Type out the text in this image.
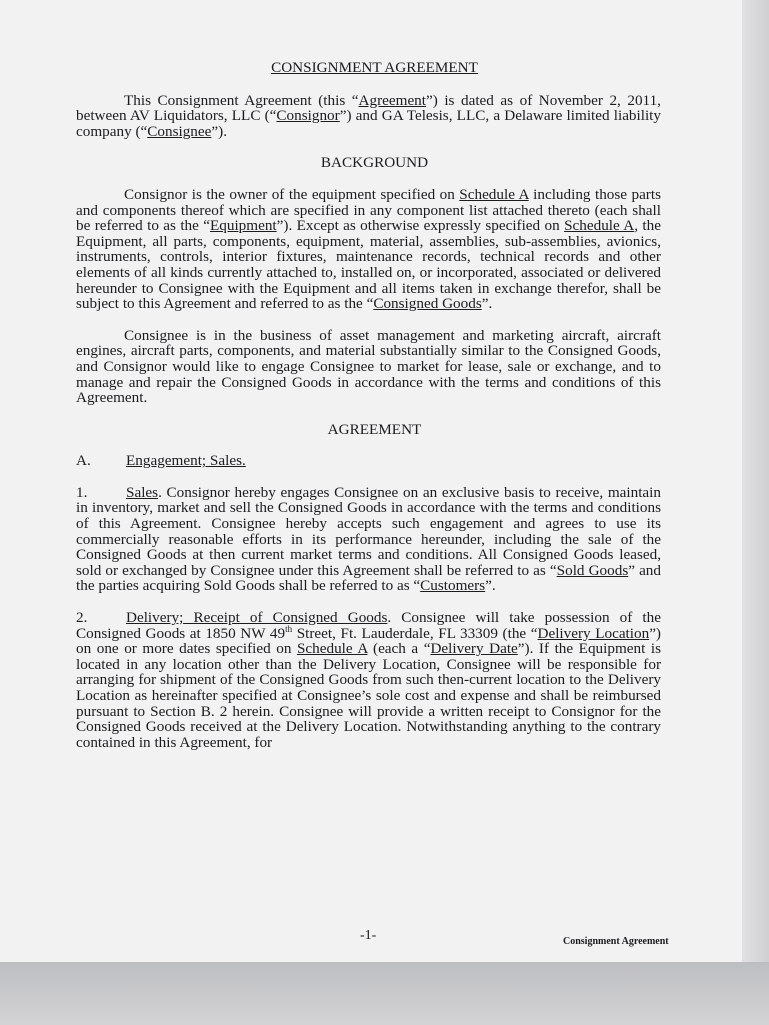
CONSIGNMENT AGREEMENT

This Consignment Agreement (this “Agreement”) is dated as of November 2, 2011, between AV Liquidators, LLC (“Consignor”) and GA Telesis, LLC, a Delaware limited liability company (“Consignee”).

BACKGROUND

Consignor is the owner of the equipment specified on Schedule A including those parts and components thereof which are specified in any component list attached thereto (each shall be referred to as the “Equipment”). Except as otherwise expressly specified on Schedule A, the Equipment, all parts, components, equipment, material, assemblies, sub-assemblies, avionics, instruments, controls, interior fixtures, maintenance records, technical records and other elements of all kinds currently attached to, installed on, or incorporated, associated or delivered hereunder to Consignee with the Equipment and all items taken in exchange therefor, shall be subject to this Agreement and referred to as the “Consigned Goods”.

Consignee is in the business of asset management and marketing aircraft, aircraft engines, aircraft parts, components, and material substantially similar to the Consigned Goods, and Consignor would like to engage Consignee to market for lease, sale or exchange, and to manage and repair the Consigned Goods in accordance with the terms and conditions of this Agreement.

AGREEMENT
A.	Engagement; Sales.

1.	Sales. Consignor hereby engages Consignee on an exclusive basis to receive, maintain in inventory, market and sell the Consigned Goods in accordance with the terms and conditions of this Agreement. Consignee hereby accepts such engagement and agrees to use its commercially reasonable efforts in its performance hereunder, including the sale of the Consigned Goods at then current market terms and conditions. All Consigned Goods leased, sold or exchanged by Consignee under this Agreement shall be referred to as “Sold Goods” and the parties acquiring Sold Goods shall be referred to as “Customers”.

2.	Delivery; Receipt of Consigned Goods. Consignee will take possession of the Consigned Goods at 1850 NW 49th Street, Ft. Lauderdale, FL 33309 (the “Delivery Location”) on one or more dates specified on Schedule A (each a “Delivery Date”). If the Equipment is located in any location other than the Delivery Location, Consignee will be responsible for arranging for shipment of the Consigned Goods from such then-current location to the Delivery Location as hereinafter specified at Consignee’s sole cost and expense and shall be reimbursed pursuant to Section B. 2 herein. Consignee will provide a written receipt to Consignor for the Consigned Goods received at the Delivery Location. Notwithstanding anything to the contrary contained in this Agreement, for

-1-	Consignment Agreement
